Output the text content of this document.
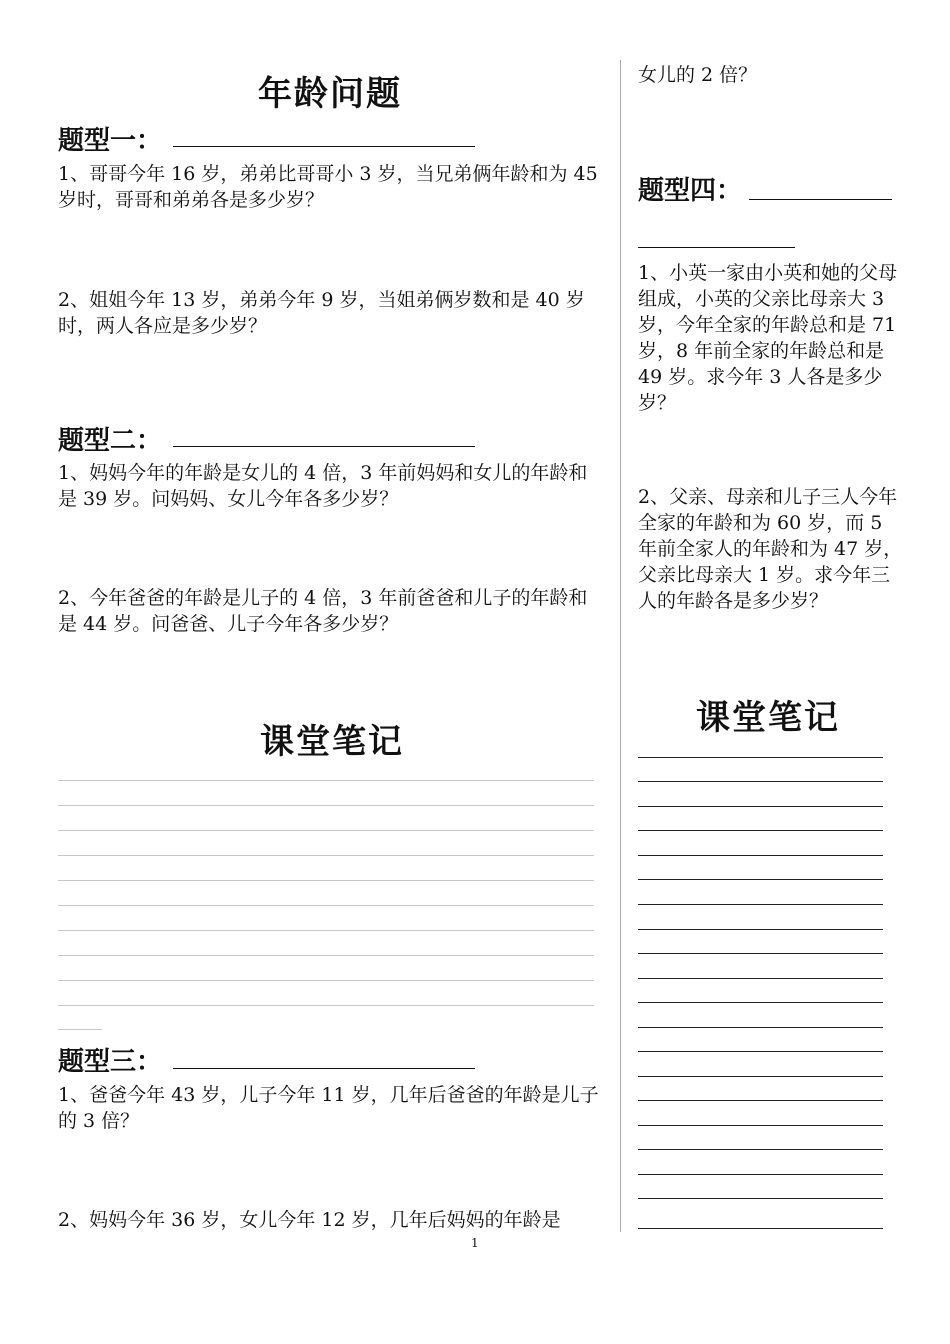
年龄问题
题型一：
1、哥哥今年 16 岁，弟弟比哥哥小 3 岁，当兄弟俩年龄和为 45 岁时，哥哥和弟弟各是多少岁？
2、姐姐今年 13 岁，弟弟今年 9 岁，当姐弟俩岁数和是 40 岁时，两人各应是多少岁？
题型二：
1、妈妈今年的年龄是女儿的 4 倍，3 年前妈妈和女儿的年龄和是 39 岁。问妈妈、女儿今年各多少岁？
2、今年爸爸的年龄是儿子的 4 倍，3 年前爸爸和儿子的年龄和是 44 岁。问爸爸、儿子今年各多少岁？
课堂笔记
题型三：
1、爸爸今年 43 岁，儿子今年 11 岁，几年后爸爸的年龄是儿子的 3 倍？
2、妈妈今年 36 岁，女儿今年 12 岁，几年后妈妈的年龄是
女儿的 2 倍？
题型四：
1、小英一家由小英和她的父母组成，小英的父亲比母亲大 3 岁，今年全家的年龄总和是 71 岁，8 年前全家的年龄总和是 49 岁。求今年 3 人各是多少岁？
2、父亲、母亲和儿子三人今年全家的年龄和为 60 岁，而 5 年前全家人的年龄和为 47 岁，父亲比母亲大 1 岁。求今年三人的年龄各是多少岁？
课堂笔记
1
